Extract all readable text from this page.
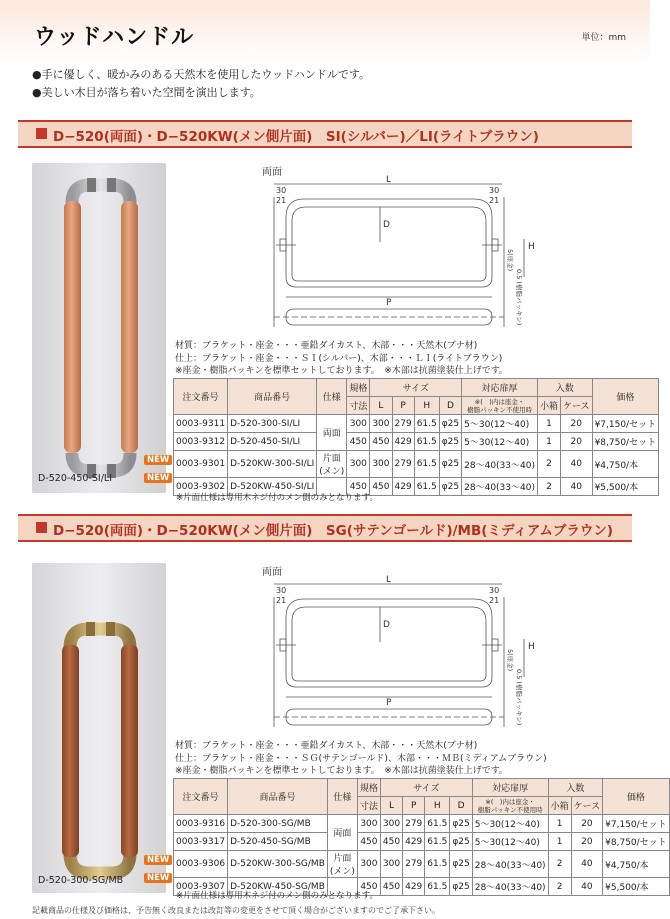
ウッドハンドル	単位：mm
●手に優しく、暖かみのある天然木を使用したウッドハンドルです。
●美しい木目が落ち着いた空間を演出します。
D−520(両面)・D−520KW(メン側片面)　SI(シルバー)／LI(ライトブラウン)
D-520-450-SI/LI
両面
L
D
P
H
30
21
30
21
5(座金)
0.5 (樹脂パッキン)
材質：ブラケット・座金・・・亜鉛ダイカスト、木部・・・天然木(ブナ材)
仕上：ブラケット・座金・・・ＳＩ(シルバー)、木部・・・ＬＩ(ライトブラウン)
※座金・樹脂パッキンを標準セットしております。　※木部は抗菌塗装仕上げです。
注文番号	商品番号	仕様	規格	サイズ				対応扉厚	入数		価格
			寸法	L	P	H	D	※(　)内は座金・
樹脂パッキン不使用時	小箱	ケース	
0003-9311	D-520-300-SI/LI	両面	300	300	279	61.5	φ25	5～30(12～40)	1	20	¥7,150/セット
0003-9312	D-520-450-SI/LI		450	450	429	61.5	φ25	5～30(12～40)	1	20	¥8,750/セット
0003-9301	D-520KW-300-SI/LI	片面
(メン)	300	300	279	61.5	φ25	28～40(33～40)	2	40	¥4,750/本
0003-9302	D-520KW-450-SI/LI		450	450	429	61.5	φ25	28～40(33～40)	2	40	¥5,500/本
NEW
NEW
※片面仕様は専用木ネジ付のメン側のみとなります。
D−520(両面)・D−520KW(メン側片面)　SG(サテンゴールド)/MB(ミディアムブラウン)
D-520-300-SG/MB
両面
L
D
P
H
30
21
30
21
5(座金)
0.5 (樹脂パッキン)
材質：ブラケット・座金・・・亜鉛ダイカスト、木部・・・天然木(ブナ材)
仕上：ブラケット・座金・・・ＳＧ(サテンゴールド)、木部・・・ＭＢ(ミディアムブラウン)
※座金・樹脂パッキンを標準セットしております。　※木部は抗菌塗装仕上げです。
注文番号	商品番号	仕様	規格	サイズ				対応扉厚	入数		価格
			寸法	L	P	H	D	※(　)内は座金・
樹脂パッキン不使用時	小箱	ケース	
0003-9316	D-520-300-SG/MB	両面	300	300	279	61.5	φ25	5～30(12～40)	1	20	¥7,150/セット
0003-9317	D-520-450-SG/MB		450	450	429	61.5	φ25	5～30(12～40)	1	20	¥8,750/セット
0003-9306	D-520KW-300-SG/MB	片面
(メン)	300	300	279	61.5	φ25	28～40(33～40)	2	40	¥4,750/本
0003-9307	D-520KW-450-SG/MB		450	450	429	61.5	φ25	28～40(33～40)	2	40	¥5,500/本
NEW
NEW
※片面仕様は専用木ネジ付のメン側のみとなります。
記載商品の仕様及び価格は、予告無く改良または改訂等の変更をさせて頂く場合がございますのでご了承下さい。
